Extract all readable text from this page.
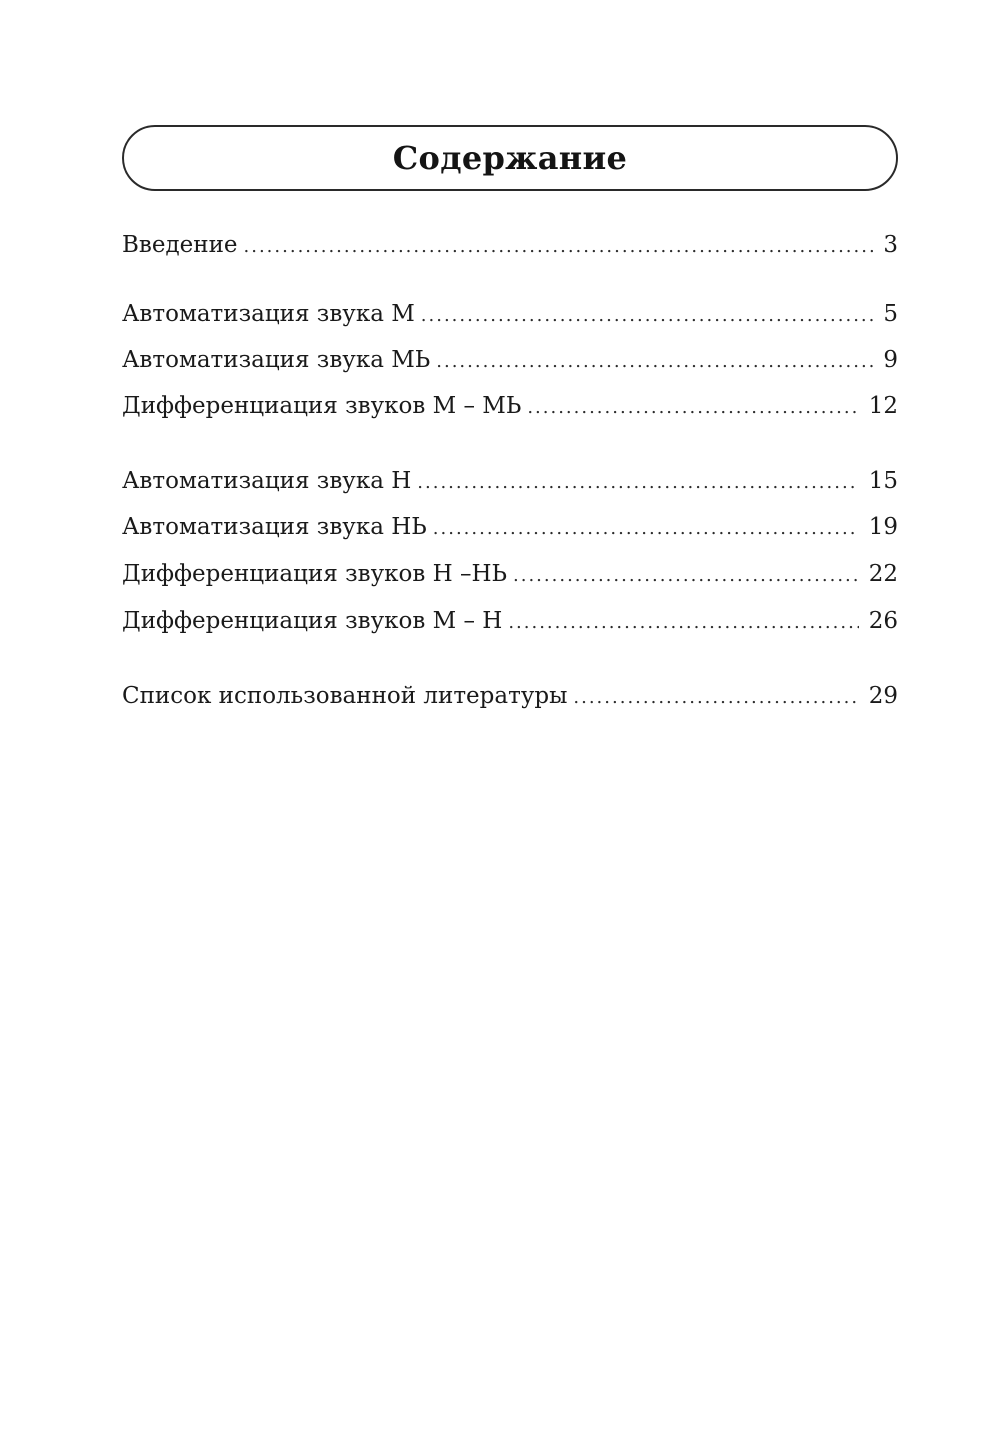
Содержание
Введение .....	3
Автоматизация звука М .....	5
Автоматизация звука МЬ .....	9
Дифференциация звуков М – МЬ .....	12
Автоматизация звука Н .....	15
Автоматизация звука НЬ .....	19
Дифференциация звуков Н –НЬ .....	22
Дифференциация звуков М – Н .....	26
Список использованной литературы .....	29
